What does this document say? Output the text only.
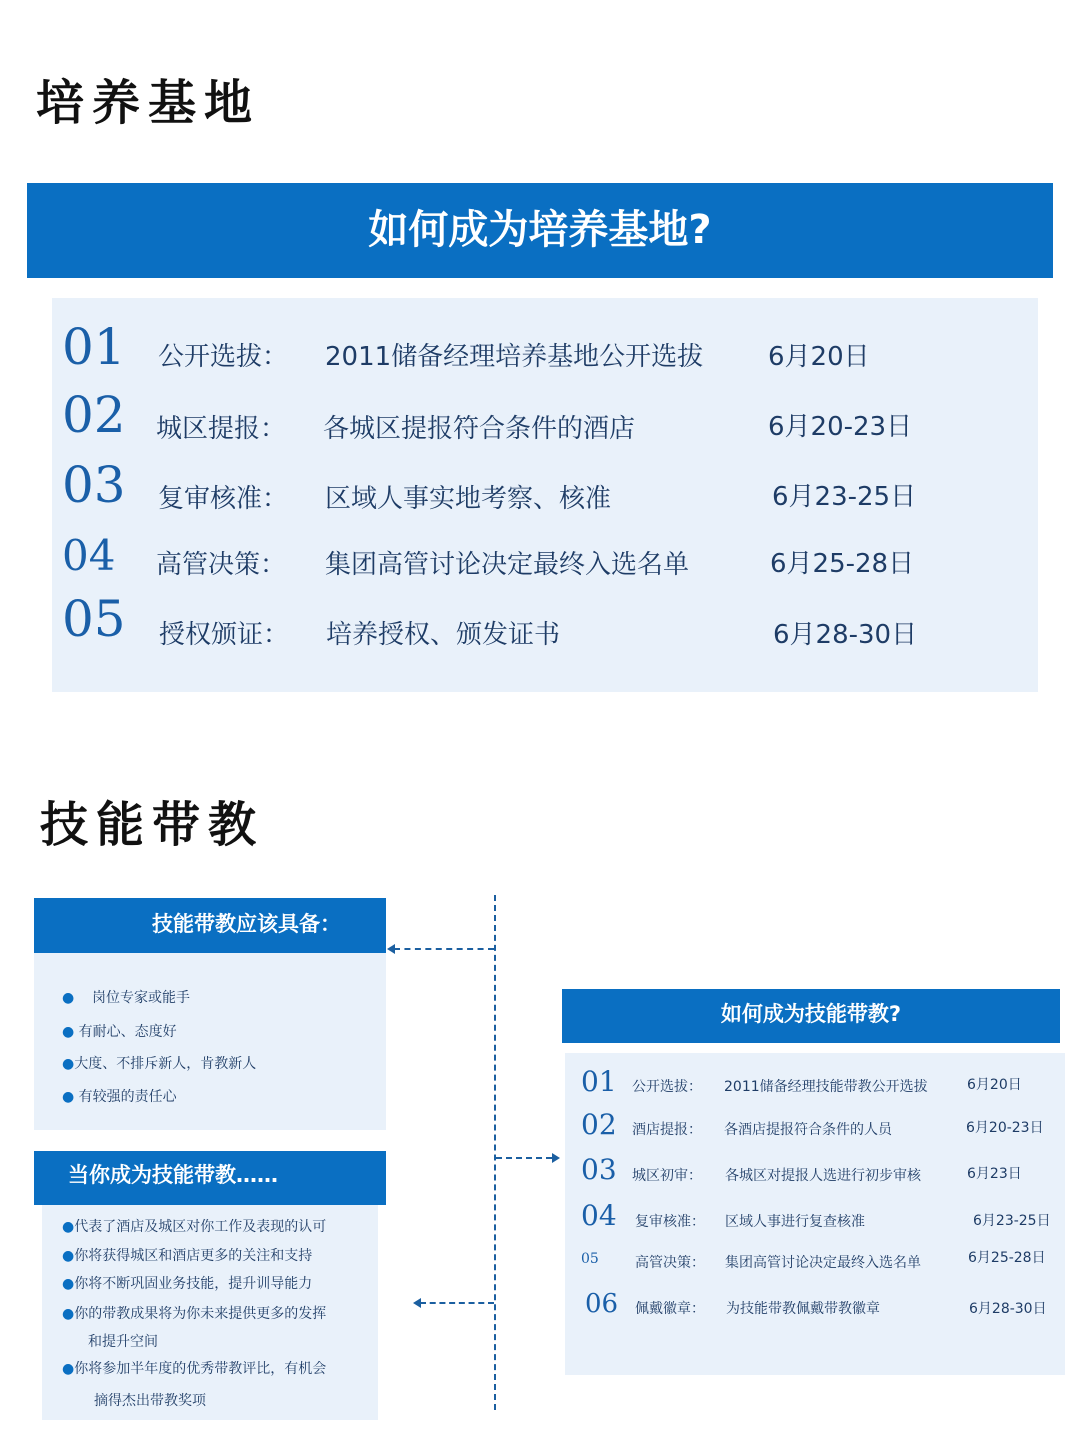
培养基地
如何成为培养基地?
01 公开选拔： 2011储备经理培养基地公开选拔 6月20日
02 城区提报： 各城区提报符合条件的酒店	6月20-23日
03 复审核准： 区域人事实地考察、核准	6月23-25日
04 高管决策： 集团高管讨论决定最终入选名单	6月25-28日
05 授权颁证： 培养授权、颁发证书	6月28-30日
技能带教
技能带教应该具备：
● 岗位专家或能手
● 有耐心、态度好
●大度、不排斥新人，肯教新人
● 有较强的责任心
当你成为技能带教……
●代表了酒店及城区对你工作及表现的认可
●你将获得城区和酒店更多的关注和支持
●你将不断巩固业务技能，提升训导能力
●你的带教成果将为你未来提供更多的发挥
和提升空间
●你将参加半年度的优秀带教评比，有机会
摘得杰出带教奖项
如何成为技能带教?
01 公开选拔： 2011储备经理技能带教公开选拔	6月20日
02 酒店提报： 各酒店提报符合条件的人员	6月20-23日
03 城区初审： 各城区对提报人选进行初步审核	6月23日
04 复审核准： 区域人事进行复查核准	6月23-25日
05	高管决策： 集团高管讨论决定最终入选名单	6月25-28日
06 佩戴徽章： 为技能带教佩戴带教徽章	6月28-30日
